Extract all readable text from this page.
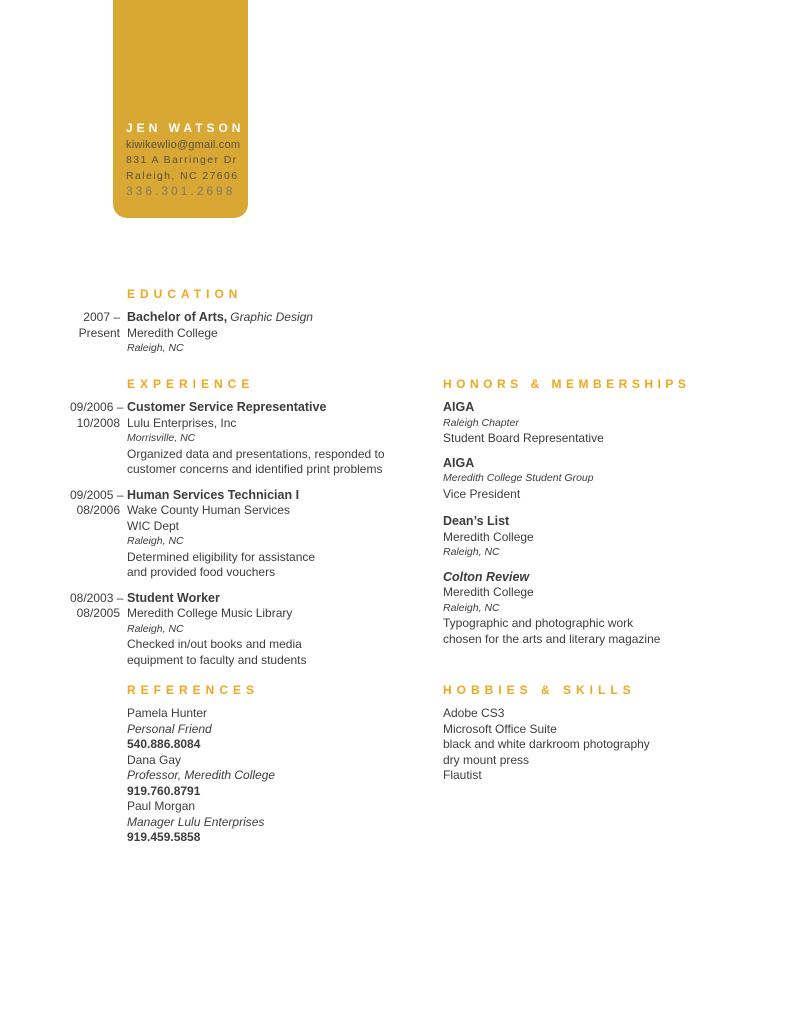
JEN WATSON
kiwikewlio@gmail.com
831 A Barringer Dr
Raleigh, NC 27606
336.301.2698
EDUCATION
2007 –
Present
Bachelor of Arts, Graphic Design
Meredith College
Raleigh, NC
EXPERIENCE
09/2006 –
10/2008
Customer Service Representative
Lulu Enterprises, Inc
Morrisville, NC
Organized data and presentations, responded to
customer concerns and identified print problems
09/2005 –
08/2006
Human Services Technician I
Wake County Human Services
WIC Dept
Raleigh, NC
Determined eligibility for assistance
and provided food vouchers
08/2003 –
08/2005
Student Worker
Meredith College Music Library
Raleigh, NC
Checked in/out books and media
equipment to faculty and students
HONORS & MEMBERSHIPS
AIGA
Raleigh Chapter
Student Board Representative
AIGA
Meredith College Student Group
Vice President
Dean’s List
Meredith College
Raleigh, NC
Colton Review
Meredith College
Raleigh, NC
Typographic and photographic work
chosen for the arts and literary magazine
REFERENCES
Pamela Hunter
Personal Friend
540.886.8084
Dana Gay
Professor, Meredith College
919.760.8791
Paul Morgan
Manager Lulu Enterprises
919.459.5858
HOBBIES & SKILLS
Adobe CS3
Microsoft Office Suite
black and white darkroom photography
dry mount press
Flautist
